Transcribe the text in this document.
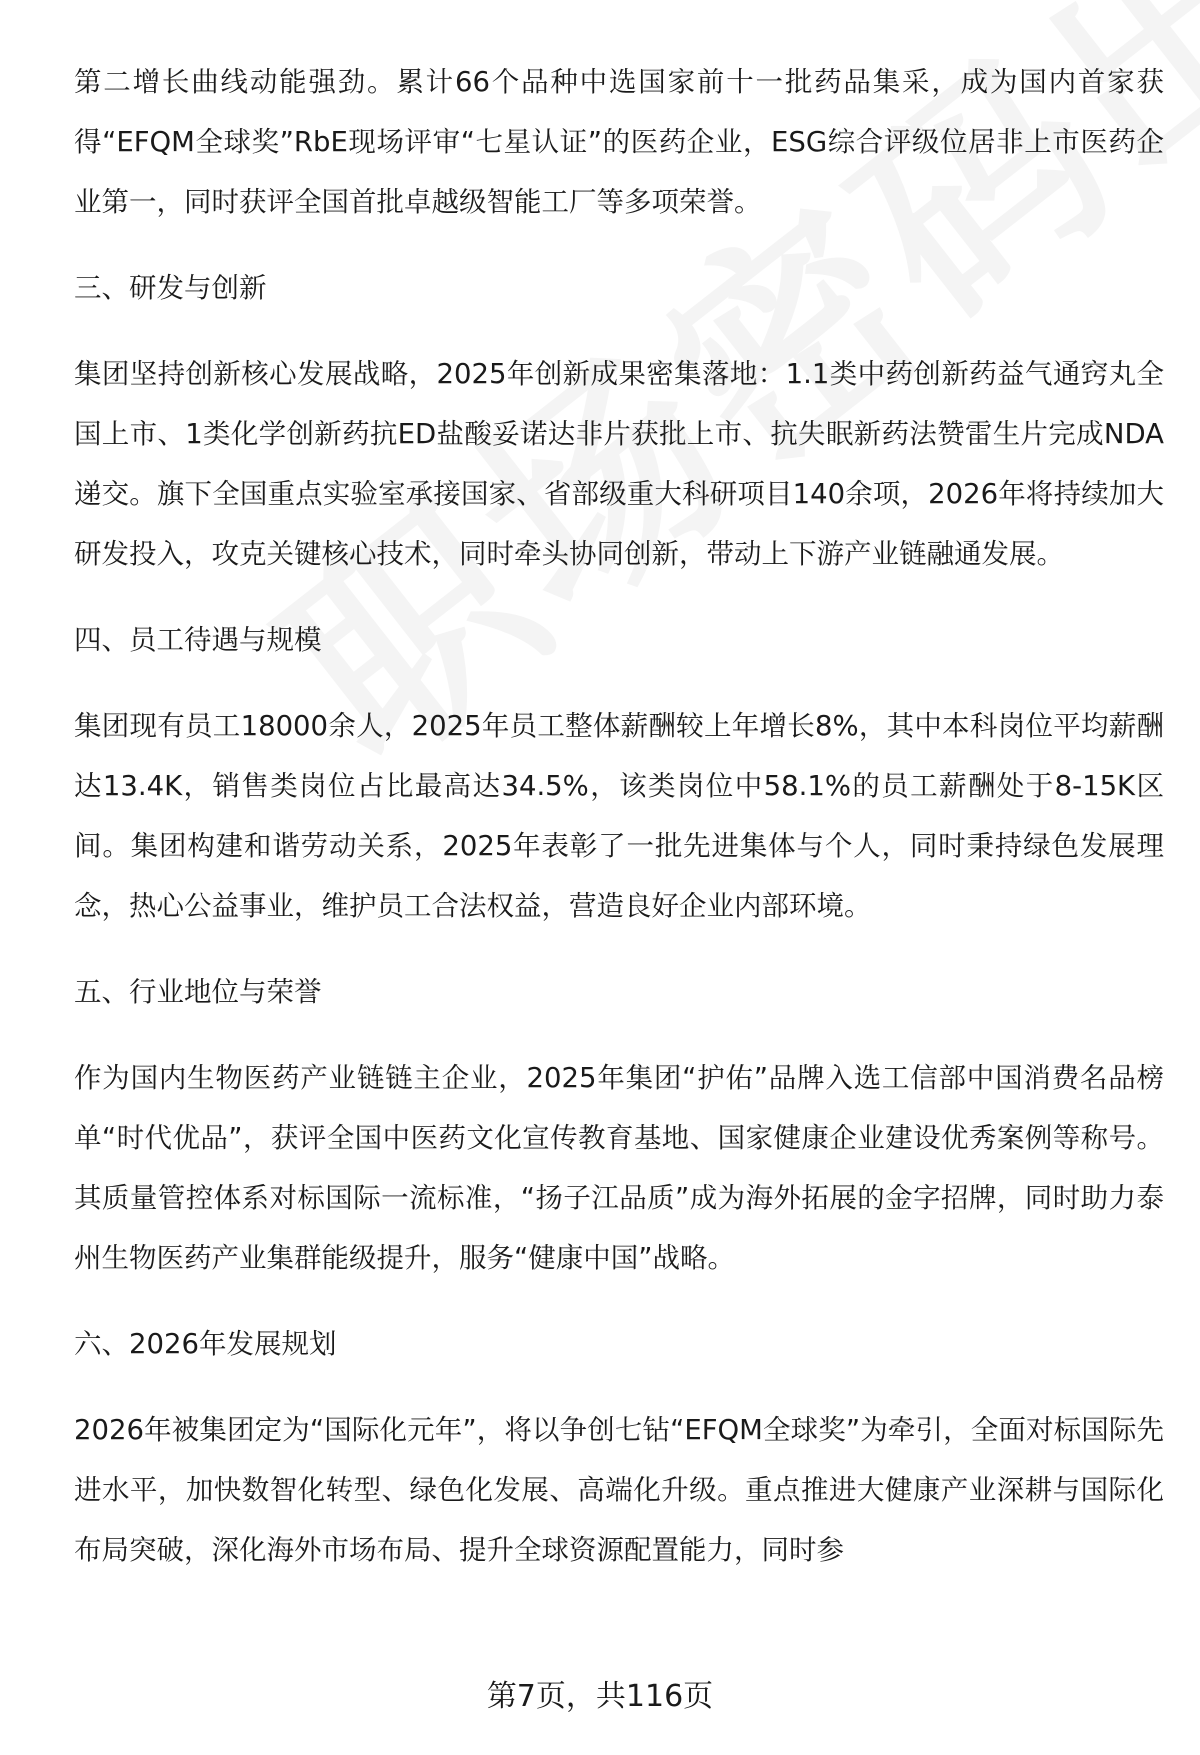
第二增长曲线动能强劲。累计66个品种中选国家前十一批药品集采，成为国内首家获得“EFQM全球奖”RbE现场评审“七星认证”的医药企业，ESG综合评级位居非上市医药企业第一，同时获评全国首批卓越级智能工厂等多项荣誉。

三、研发与创新

集团坚持创新核心发展战略，2025年创新成果密集落地：1.1类中药创新药益气通窍丸全国上市、1类化学创新药抗ED盐酸妥诺达非片获批上市、抗失眠新药法赞雷生片完成NDA递交。旗下全国重点实验室承接国家、省部级重大科研项目140余项，2026年将持续加大研发投入，攻克关键核心技术，同时牵头协同创新，带动上下游产业链融通发展。

四、员工待遇与规模

集团现有员工18000余人，2025年员工整体薪酬较上年增长8%，其中本科岗位平均薪酬达13.4K，销售类岗位占比最高达34.5%，该类岗位中58.1%的员工薪酬处于8-15K区间。集团构建和谐劳动关系，2025年表彰了一批先进集体与个人，同时秉持绿色发展理念，热心公益事业，维护员工合法权益，营造良好企业内部环境。

五、行业地位与荣誉

作为国内生物医药产业链链主企业，2025年集团“护佑”品牌入选工信部中国消费名品榜单“时代优品”，获评全国中医药文化宣传教育基地、国家健康企业建设优秀案例等称号。其质量管控体系对标国际一流标准，“扬子江品质”成为海外拓展的金字招牌，同时助力泰州生物医药产业集群能级提升，服务“健康中国”战略。

六、2026年发展规划

2026年被集团定为“国际化元年”，将以争创七钻“EFQM全球奖”为牵引，全面对标国际先进水平，加快数智化转型、绿色化发展、高端化升级。重点推进大健康产业深耕与国际化布局突破，深化海外市场布局、提升全球资源配置能力，同时参

第7页，共116页
